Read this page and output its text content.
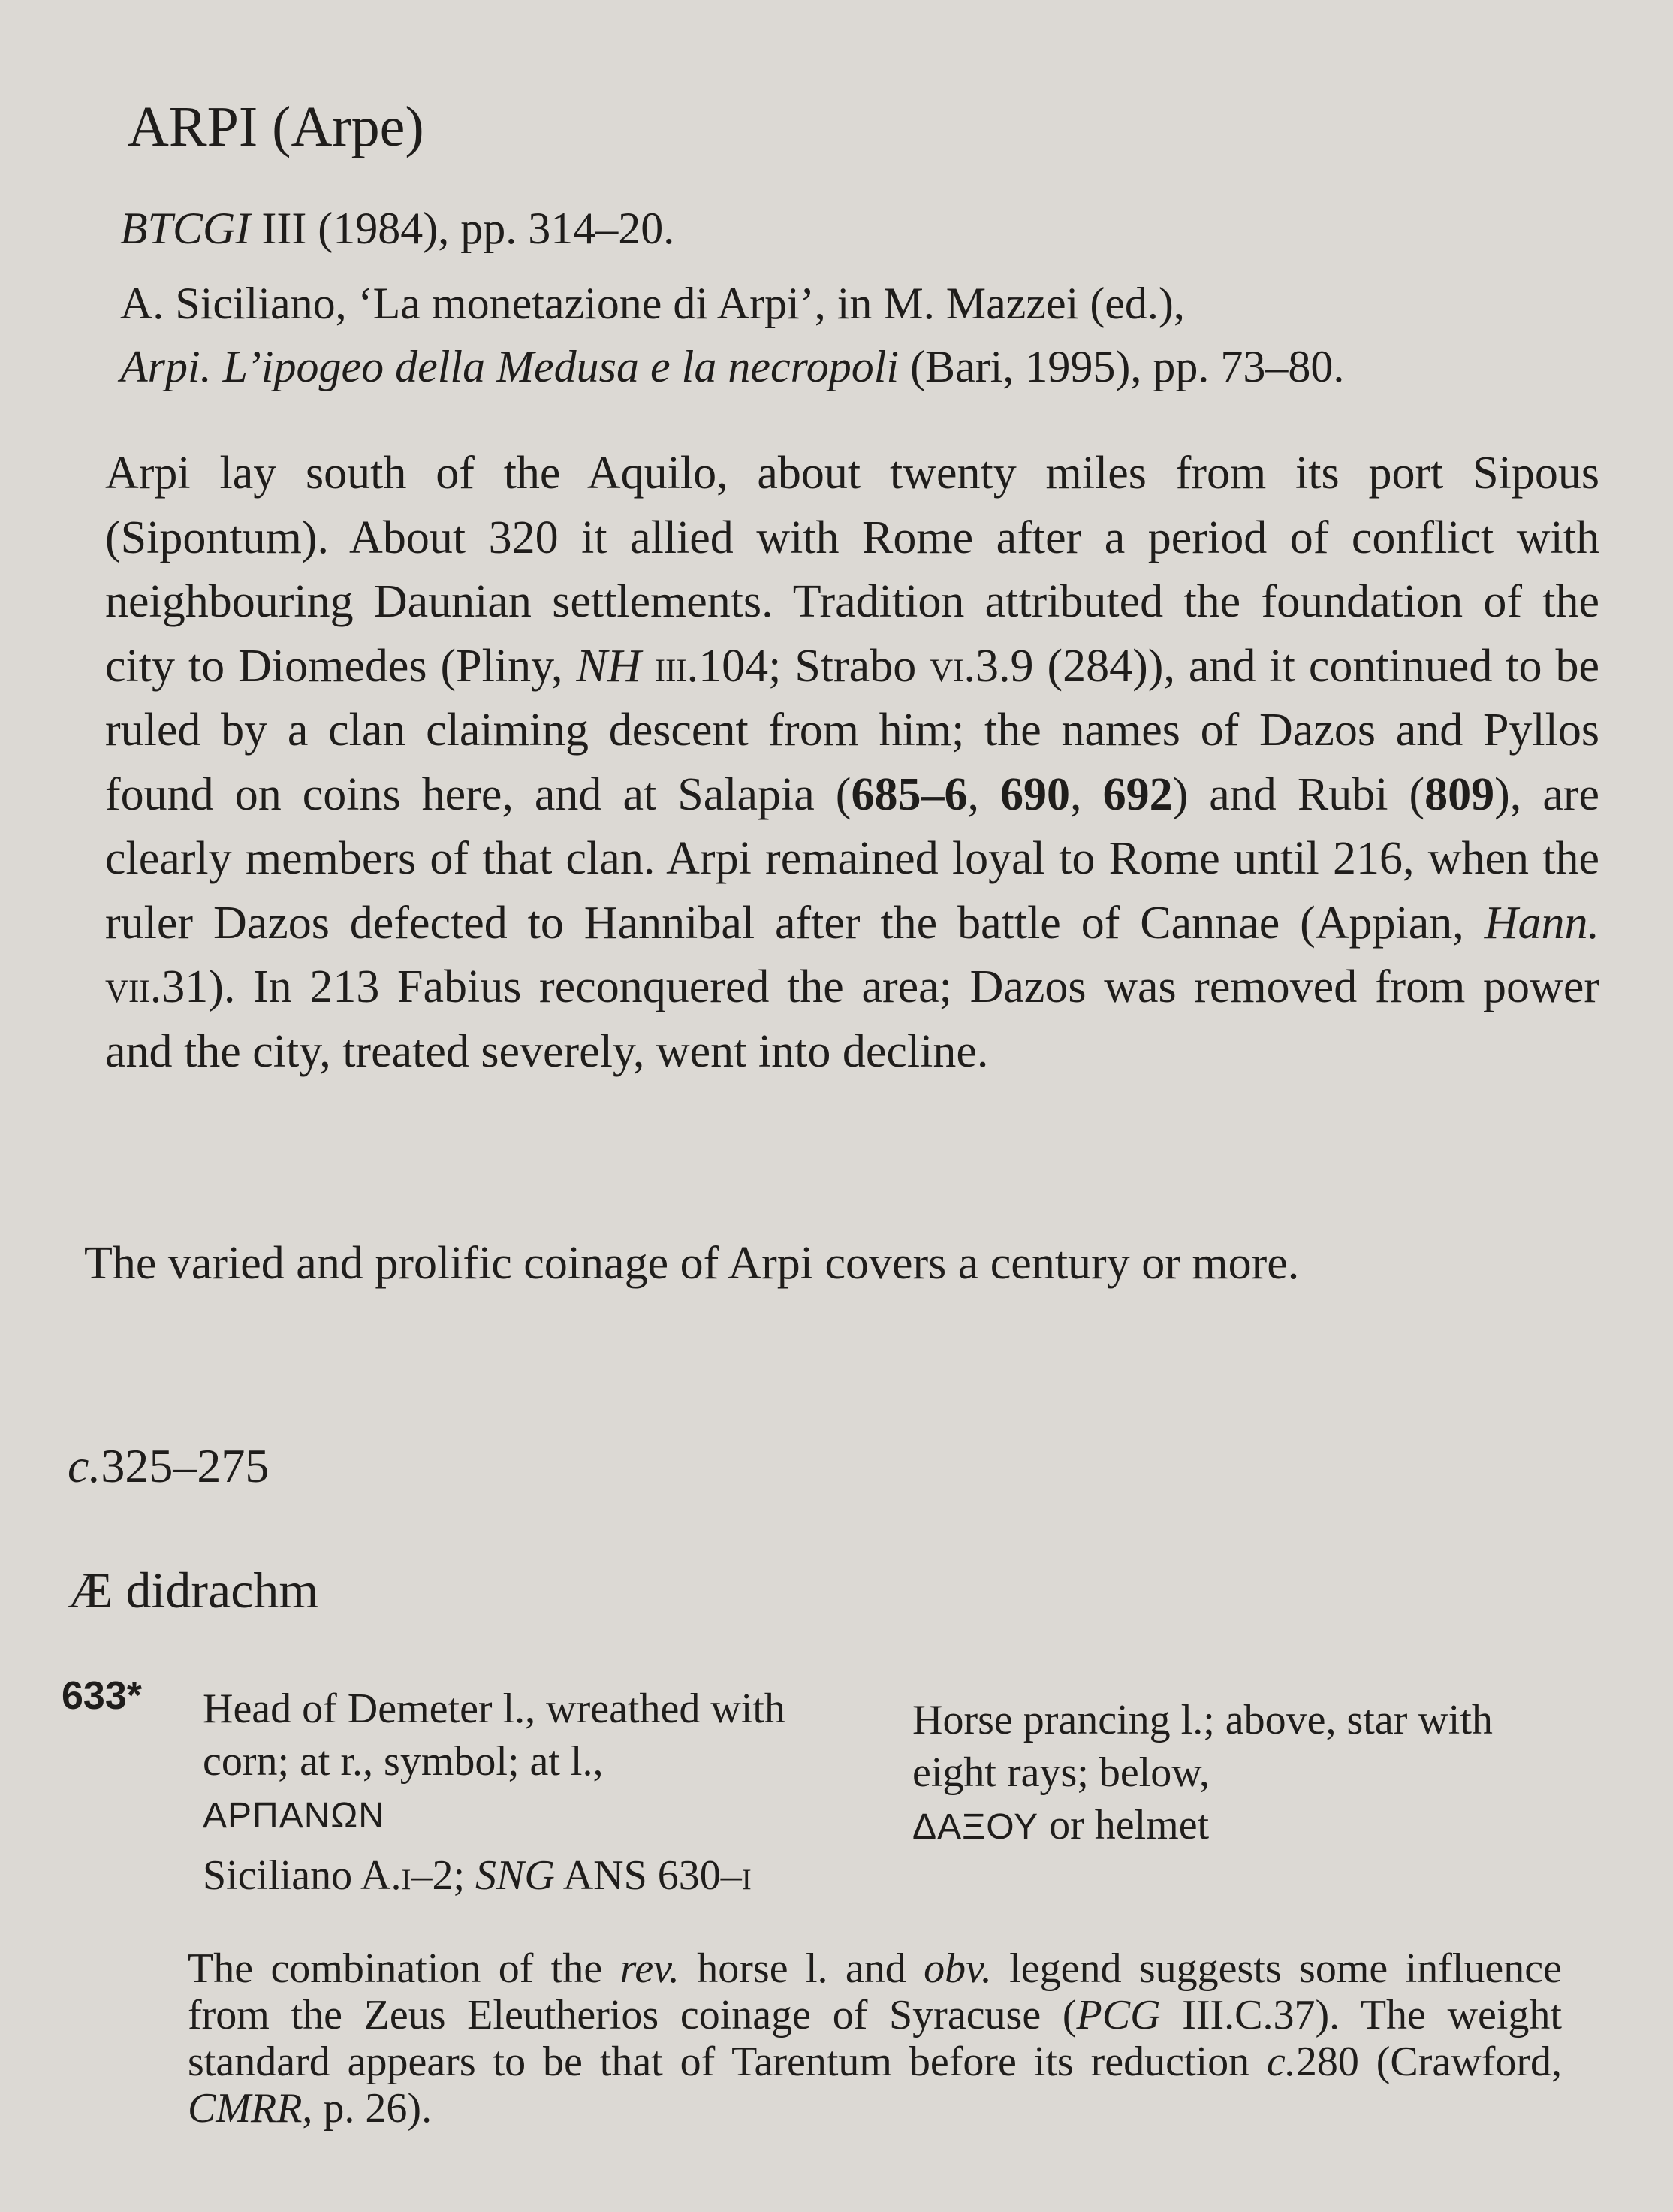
ARPI (Arpe)
BTCGI III (1984), pp. 314–20.
A. Siciliano, ‘La monetazione di Arpi’, in M. Mazzei (ed.),
Arpi. L’ipogeo della Medusa e la necropoli (Bari, 1995), pp. 73–80.
Arpi lay south of the Aquilo, about twenty miles from its port Sipous (Sipontum). About 320 it allied with Rome after a period of conflict with neighbouring Daunian settlements. Tradition attributed the foundation of the city to Diomedes (Pliny, NH iii.104; Strabo vi.3.9 (284)), and it continued to be ruled by a clan claiming descent from him; the names of Dazos and Pyllos found on coins here, and at Salapia (685–6, 690, 692) and Rubi (809), are clearly members of that clan. Arpi remained loyal to Rome until 216, when the ruler Dazos defected to Hannibal after the battle of Cannae (Appian, Hann. vii.31). In 213 Fabius reconquered the area; Dazos was removed from power and the city, treated severely, went into decline.
The varied and prolific coinage of Arpi covers a century or more.
c.325–275
Æ didrachm
633* Head of Demeter l., wreathed with corn; at r., symbol; at l.,
ΑΡΠΑΝΩΝ
Horse prancing l.; above, star with eight rays; below,
ΔΑΞΟΥ or helmet
Siciliano A.i–2; SNG ANS 630–i
The combination of the rev. horse l. and obv. legend suggests some influence from the Zeus Eleutherios coinage of Syracuse (PCG III.C.37). The weight standard appears to be that of Tarentum before its reduction c.280 (Crawford, CMRR, p. 26).
